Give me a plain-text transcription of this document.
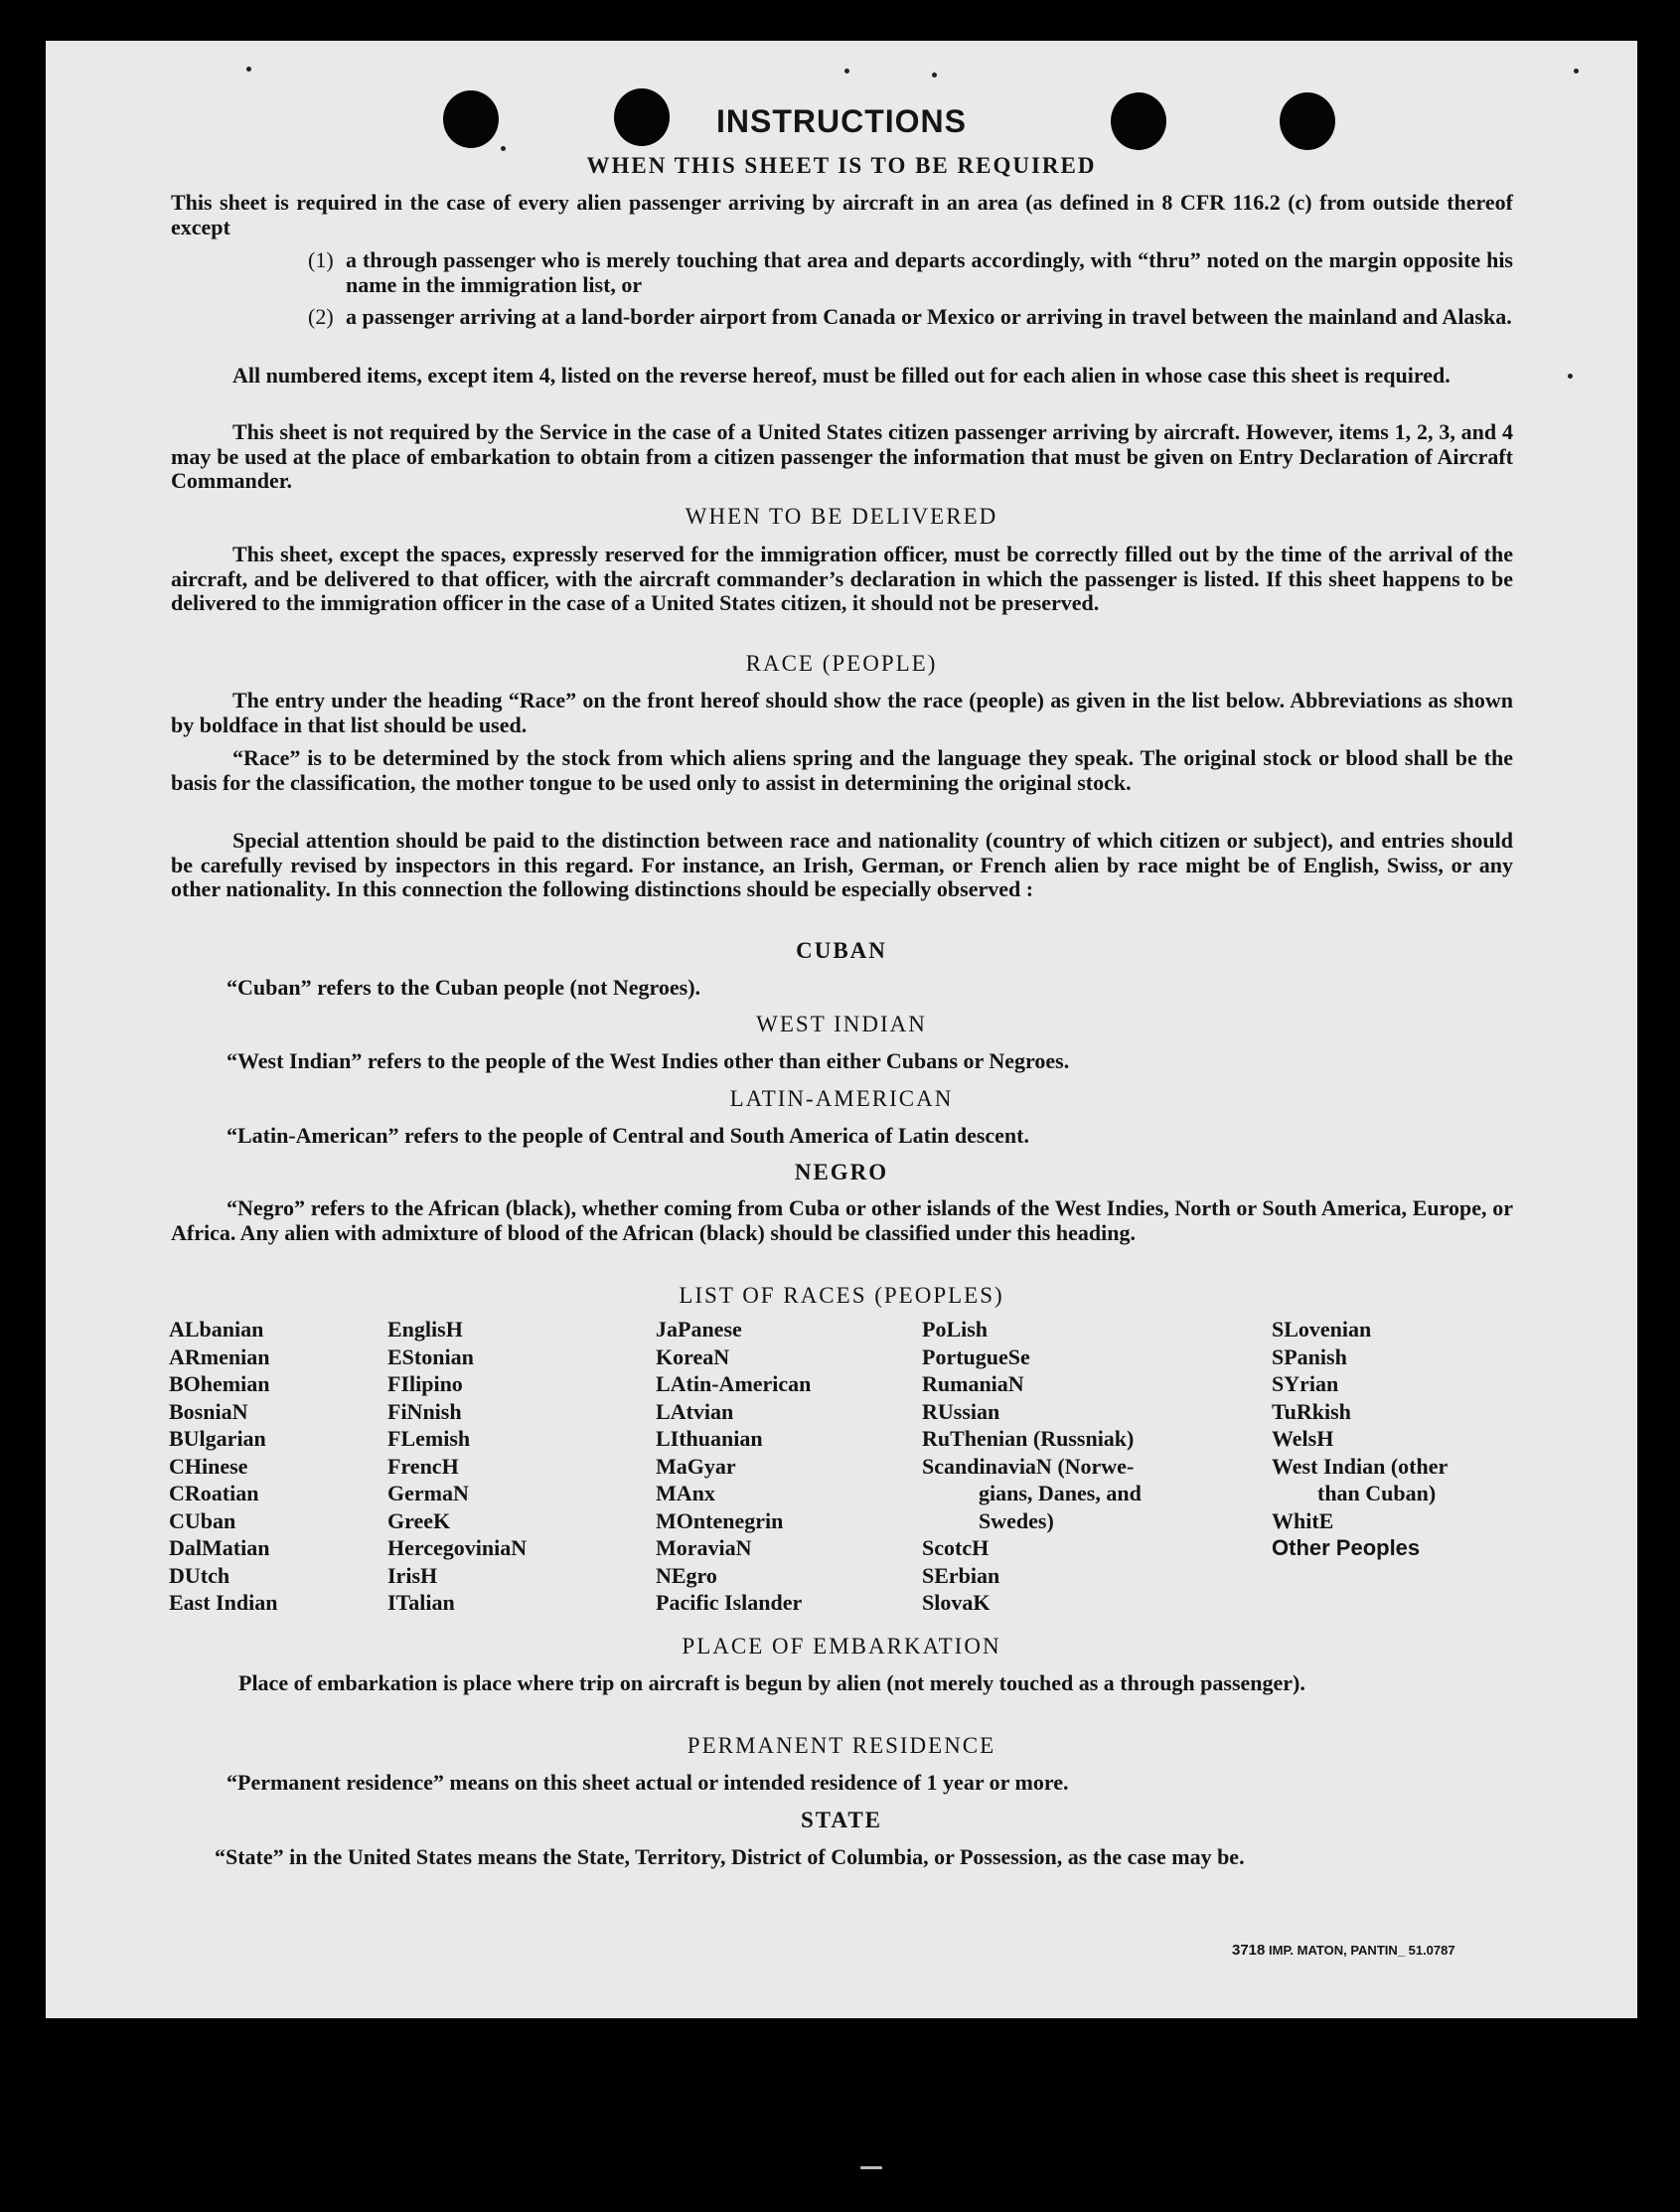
INSTRUCTIONS
WHEN THIS SHEET IS TO BE REQUIRED

This sheet is required in the case of every alien passenger arriving by aircraft in an area (as defined in 8 CFR 116.2 (c) from outside thereof except

(1) a through passenger who is merely touching that area and departs accordingly, with “thru” noted on the margin opposite his name in the immigration list, or
(2) a passenger arriving at a land-border airport from Canada or Mexico or arriving in travel between the mainland and Alaska.

All numbered items, except item 4, listed on the reverse hereof, must be filled out for each alien in whose case this sheet is required.

This sheet is not required by the Service in the case of a United States citizen passenger arriving by aircraft. However, items 1, 2, 3, and 4 may be used at the place of embarkation to obtain from a citizen passenger the information that must be given on Entry Declaration of Aircraft Commander.

WHEN TO BE DELIVERED

This sheet, except the spaces, expressly reserved for the immigration officer, must be correctly filled out by the time of the arrival of the aircraft, and be delivered to that officer, with the aircraft commander’s declaration in which the passenger is listed. If this sheet happens to be delivered to the immigration officer in the case of a United States citizen, it should not be preserved.

RACE (PEOPLE)

The entry under the heading “Race” on the front hereof should show the race (people) as given in the list below. Abbreviations as shown by boldface in that list should be used.

“Race” is to be determined by the stock from which aliens spring and the language they speak. The original stock or blood shall be the basis for the classification, the mother tongue to be used only to assist in determining the original stock.

Special attention should be paid to the distinction between race and nationality (country of which citizen or subject), and entries should be carefully revised by inspectors in this regard. For instance, an Irish, German, or French alien by race might be of English, Swiss, or any other nationality. In this connection the following distinctions should be especially observed :

CUBAN

“Cuban” refers to the Cuban people (not Negroes).

WEST INDIAN

“West Indian” refers to the people of the West Indies other than either Cubans or Negroes.

LATIN-AMERICAN

“Latin-American” refers to the people of Central and South America of Latin descent.

NEGRO

“Negro” refers to the African (black), whether coming from Cuba or other islands of the West Indies, North or South America, Europe, or Africa. Any alien with admixture of blood of the African (black) should be classified under this heading.

LIST OF RACES (PEOPLES)
ALbanian
ARmenian
BOhemian
BosniaN
BUlgarian
CHinese
CRoatian
CUban
DalMatian
DUtch
East Indian
EnglisH
EStonian
FIlipino
FiNnish
FLemish
FrencH
GermaN
GreeK
HercegoviniaN
IrisH
ITalian
JaPanese
KoreaN
LAtin-American
LAtvian
LIthuanian
MaGyar
MAnx
MOntenegrin
MoraviaN
NEgro
Pacific Islander
PoLish
PortugueSe
RumaniaN
RUssian
RuThenian (Russniak)
ScandinaviaN (Norwe-
gians, Danes, and
Swedes)
ScotcH
SErbian
SlovaK
SLovenian
SPanish
SYrian
TuRkish
WelsH
West Indian (other
than Cuban)
WhitE
Other Peoples
PLACE OF EMBARKATION

Place of embarkation is place where trip on aircraft is begun by alien (not merely touched as a through passenger).

PERMANENT RESIDENCE

“Permanent residence” means on this sheet actual or intended residence of 1 year or more.

STATE

“State” in the United States means the State, Territory, District of Columbia, or Possession, as the case may be.

3718 IMP. MATON, PANTIN_ 51.0787
